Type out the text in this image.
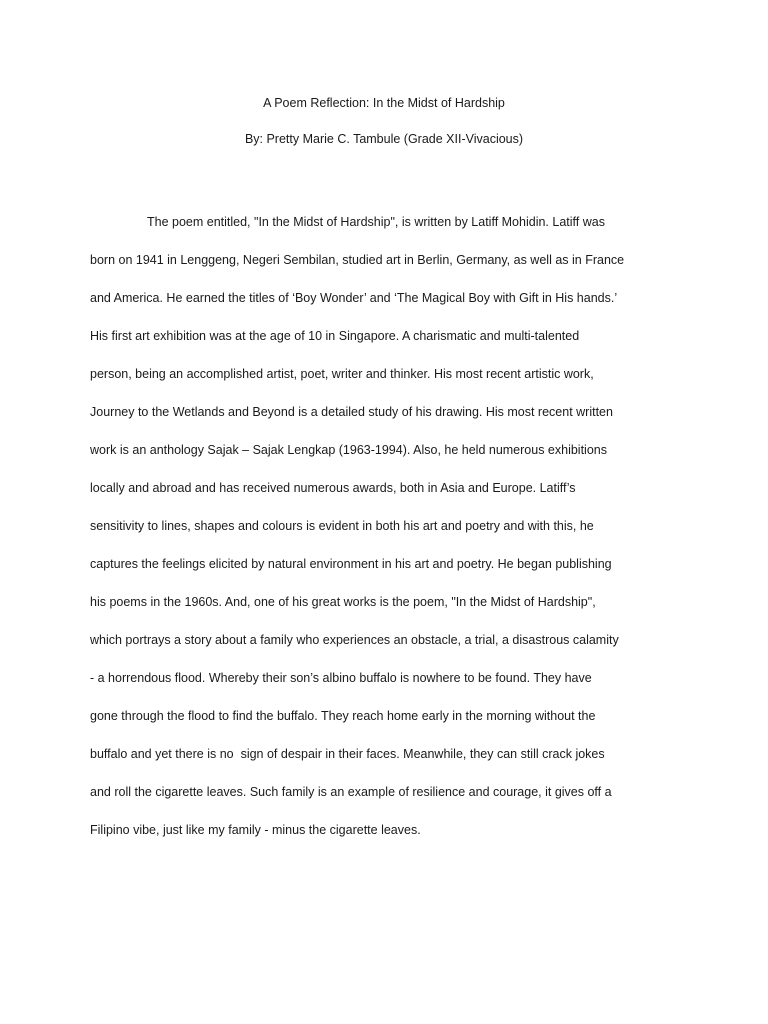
A Poem Reflection: In the Midst of Hardship
By: Pretty Marie C. Tambule (Grade XII-Vivacious)
The poem entitled, "In the Midst of Hardship", is written by Latiff Mohidin. Latiff was
born on 1941 in Lenggeng, Negeri Sembilan, studied art in Berlin, Germany, as well as in France
and America. He earned the titles of ‘Boy Wonder’ and ‘The Magical Boy with Gift in His hands.’
His first art exhibition was at the age of 10 in Singapore. A charismatic and multi-talented
person, being an accomplished artist, poet, writer and thinker. His most recent artistic work,
Journey to the Wetlands and Beyond is a detailed study of his drawing. His most recent written
work is an anthology Sajak – Sajak Lengkap (1963-1994). Also, he held numerous exhibitions
locally and abroad and has received numerous awards, both in Asia and Europe. Latiff’s
sensitivity to lines, shapes and colours is evident in both his art and poetry and with this, he
captures the feelings elicited by natural environment in his art and poetry. He began publishing
his poems in the 1960s. And, one of his great works is the poem, "In the Midst of Hardship",
which portrays a story about a family who experiences an obstacle, a trial, a disastrous calamity
- a horrendous flood. Whereby their son’s albino buffalo is nowhere to be found. They have
gone through the flood to find the buffalo. They reach home early in the morning without the
buffalo and yet there is no  sign of despair in their faces. Meanwhile, they can still crack jokes
and roll the cigarette leaves. Such family is an example of resilience and courage, it gives off a
Filipino vibe, just like my family - minus the cigarette leaves.
